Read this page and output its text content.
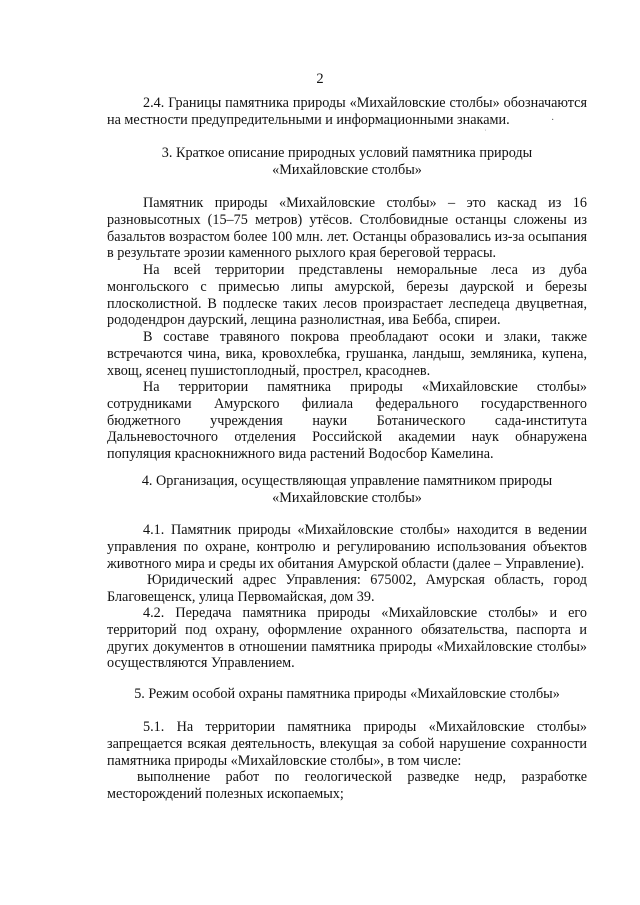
2

2.4. Границы памятника природы «Михайловские столбы» обозначаются на местности предупредительными и информационными знаками.	·
˙

3. Краткое описание природных условий памятника природы
«Михайловские столбы»

Памятник природы «Михайловские столбы» – это каскад из 16 разновысотных (15–75 метров) утёсов. Столбовидные останцы сложены из базальтов возрастом более 100 млн. лет. Останцы образовались из-за осыпания в результате эрозии каменного рыхлого края береговой террасы.

На всей территории представлены неморальные леса из дуба монгольского с примесью липы амурской, березы даурской и березы плосколистной. В подлеске таких лесов произрастает леспедеца двуцветная, рододендрон даурский, лещина разнолистная, ива Бебба, спиреи.

В составе травяного покрова преобладают осоки и злаки, также встречаются чина, вика, кровохлебка, грушанка, ландыш, земляника, купена, хвощ, ясенец пушистоплодный, прострел, красоднев.

На территории памятника природы «Михайловские столбы» сотрудниками Амурского филиала федерального государственного бюджетного учреждения науки Ботанического сада-института Дальневосточного отделения Российской академии наук обнаружена популяция краснокнижного вида растений Водосбор Камелина.

4. Организация, осуществляющая управление памятником природы
«Михайловские столбы»

4.1. Памятник природы «Михайловские столбы» находится в ведении управления по охране, контролю и регулированию использования объектов животного мира и среды их обитания Амурской области (далее – Управление).

Юридический адрес Управления: 675002, Амурская область, город Благовещенск, улица Первомайская, дом 39.

4.2. Передача памятника природы «Михайловские столбы» и его территорий под охрану, оформление охранного обязательства, паспорта и других документов в отношении памятника природы «Михайловские столбы» осуществляются Управлением.

5. Режим особой охраны памятника природы «Михайловские столбы»

5.1. На территории памятника природы «Михайловские столбы» запрещается всякая деятельность, влекущая за собой нарушение сохранности памятника природы «Михайловские столбы», в том числе:

выполнение работ по геологической разведке недр, разработке месторождений полезных ископаемых;
